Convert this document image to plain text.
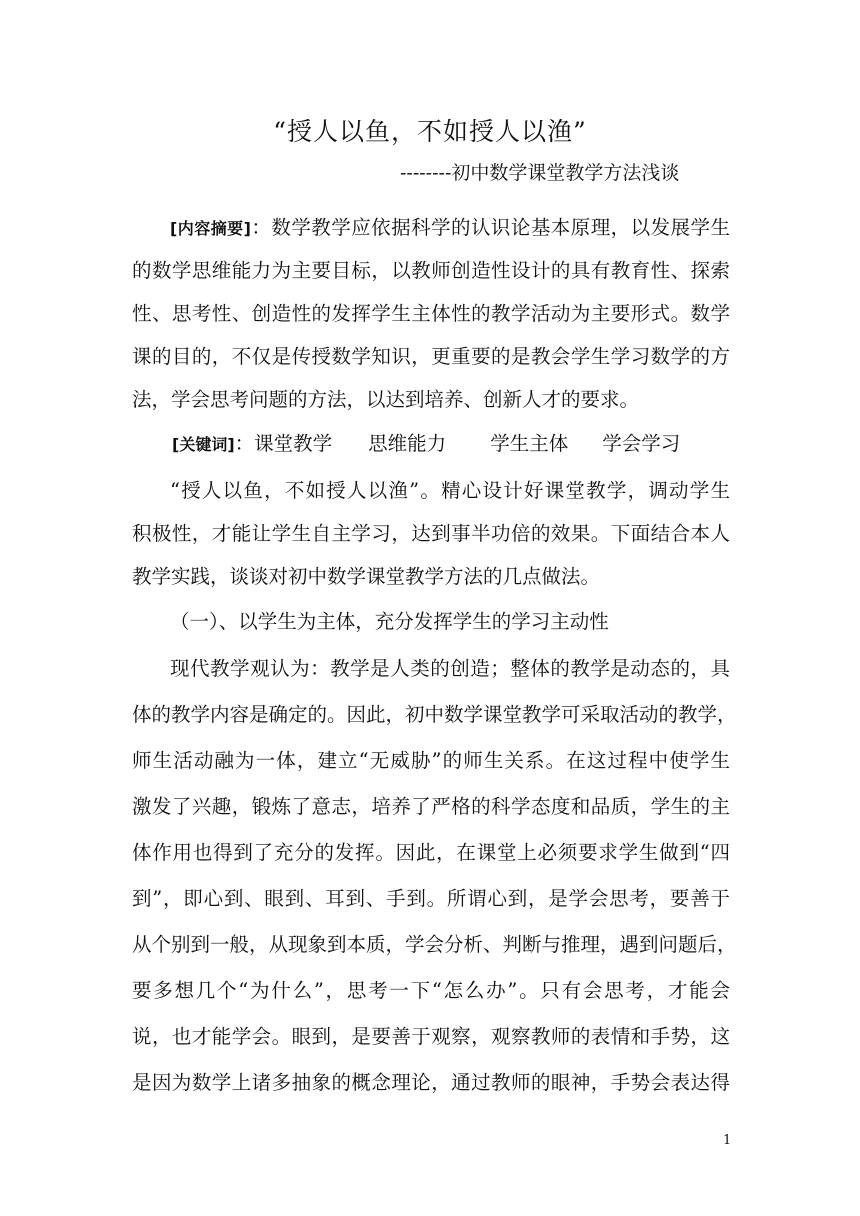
“授人以鱼，不如授人以渔”
--------初中数学课堂教学方法浅谈
[内容摘要]：数学教学应依据科学的认识论基本原理，以发展学生
的数学思维能力为主要目标，以教师创造性设计的具有教育性、探索
性、思考性、创造性的发挥学生主体性的教学活动为主要形式。数学
课的目的，不仅是传授数学知识，更重要的是教会学生学习数学的方
法，学会思考问题的方法，以达到培养、创新人才的要求。
[关键词]：课堂教学 思维能力 学生主体 学会学习
“授人以鱼，不如授人以渔”。精心设计好课堂教学，调动学生
积极性，才能让学生自主学习，达到事半功倍的效果。下面结合本人
教学实践，谈谈对初中数学课堂教学方法的几点做法。
（一）、以学生为主体，充分发挥学生的学习主动性
现代教学观认为：教学是人类的创造；整体的教学是动态的，具
体的教学内容是确定的。因此，初中数学课堂教学可采取活动的教学，
师生活动融为一体，建立“无威胁”的师生关系。在这过程中使学生
激发了兴趣，锻炼了意志，培养了严格的科学态度和品质，学生的主
体作用也得到了充分的发挥。因此，在课堂上必须要求学生做到“四
到”，即心到、眼到、耳到、手到。所谓心到，是学会思考，要善于
从个别到一般，从现象到本质，学会分析、判断与推理，遇到问题后，
要多想几个“为什么”，思考一下“怎么办”。只有会思考，才能会
说，也才能学会。眼到，是要善于观察，观察教师的表情和手势，这
是因为数学上诸多抽象的概念理论，通过教师的眼神，手势会表达得
1
